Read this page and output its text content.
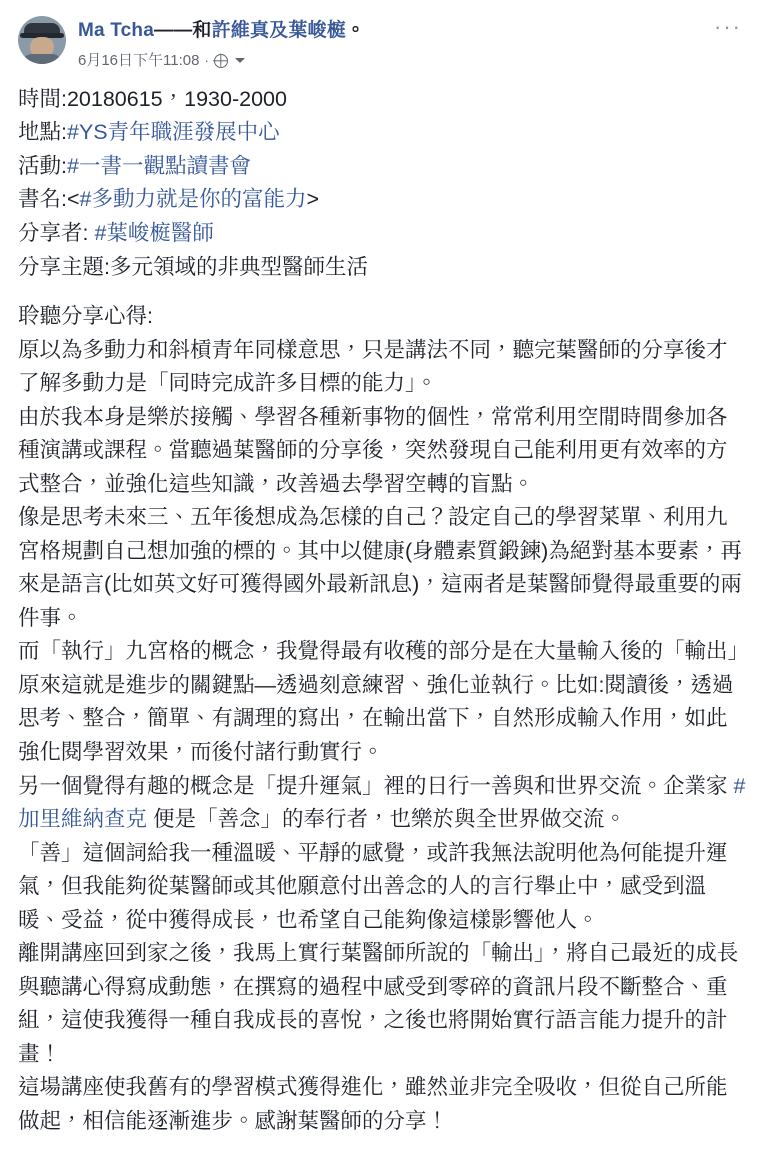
Ma Tcha——和許維真及葉峻榳。
6月16日下午11:08 ·
···

時間:20180615，1930-2000

地點:#YS青年職涯發展中心

活動:#一書一觀點讀書會

書名:<#多動力就是你的富能力>

分享者: #葉峻榳醫師

分享主題:多元領域的非典型醫師生活

聆聽分享心得:

原以為多動力和斜槓青年同樣意思，只是講法不同，聽完葉醫師的分享後才了解多動力是「同時完成許多目標的能力」。

由於我本身是樂於接觸、學習各種新事物的個性，常常利用空閒時間參加各種演講或課程。當聽過葉醫師的分享後，突然發現自己能利用更有效率的方式整合，並強化這些知識，改善過去學習空轉的盲點。

像是思考未來三、五年後想成為怎樣的自己？設定自己的學習菜單、利用九宮格規劃自己想加強的標的。其中以健康(身體素質鍛鍊)為絕對基本要素，再來是語言(比如英文好可獲得國外最新訊息)，這兩者是葉醫師覺得最重要的兩件事。

而「執行」九宮格的概念，我覺得最有收穫的部分是在大量輸入後的「輸出」原來這就是進步的關鍵點—透過刻意練習、強化並執行。比如:閱讀後，透過思考、整合，簡單、有調理的寫出，在輸出當下，自然形成輸入作用，如此強化閱學習效果，而後付諸行動實行。

另一個覺得有趣的概念是「提升運氣」裡的日行一善與和世界交流。企業家 #加里維納查克 便是「善念」的奉行者，也樂於與全世界做交流。

「善」這個詞給我一種溫暖、平靜的感覺，或許我無法說明他為何能提升運氣，但我能夠從葉醫師或其他願意付出善念的人的言行舉止中，感受到溫暖、受益，從中獲得成長，也希望自己能夠像這樣影響他人。

離開講座回到家之後，我馬上實行葉醫師所說的「輸出」，將自己最近的成長與聽講心得寫成動態，在撰寫的過程中感受到零碎的資訊片段不斷整合、重組，這使我獲得一種自我成長的喜悅，之後也將開始實行語言能力提升的計畫！

這場講座使我舊有的學習模式獲得進化，雖然並非完全吸收，但從自己所能做起，相信能逐漸進步。感謝葉醫師的分享！
